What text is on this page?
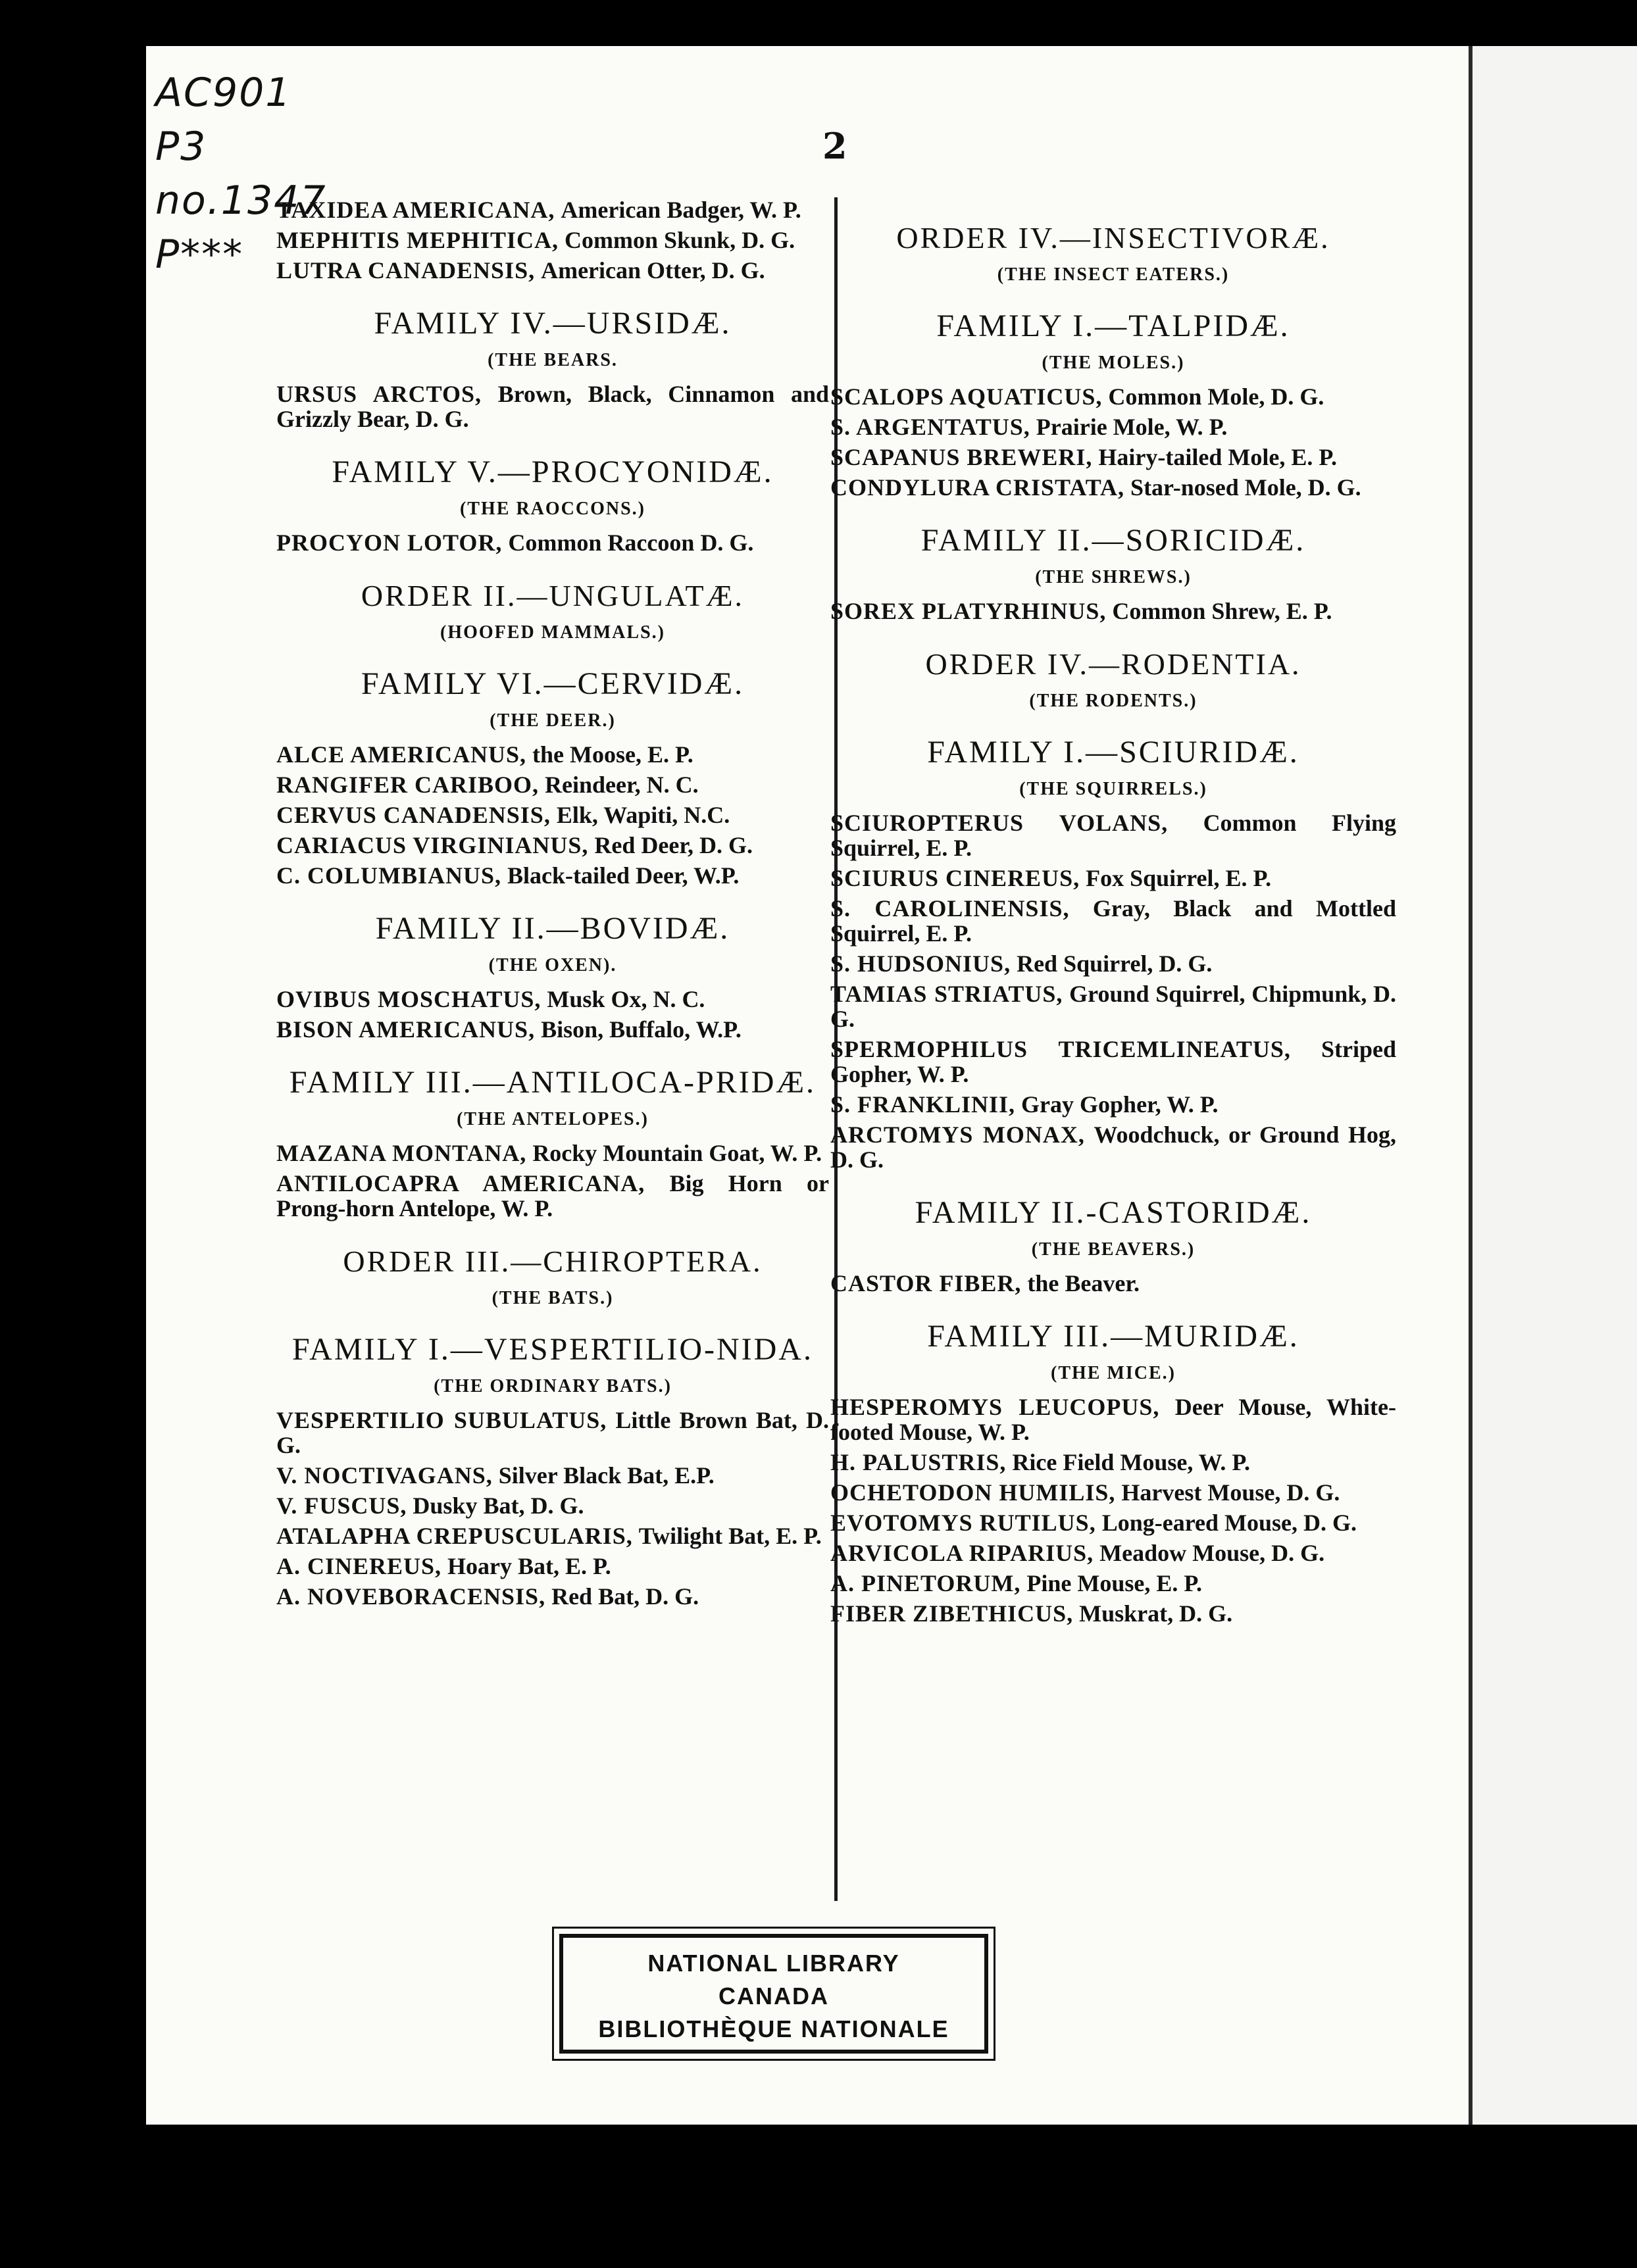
AC901
P3
no.1347
P***
2

TAXIDEA AMERICANA, American Badger, W. P.

MEPHITIS MEPHITICA, Common Skunk, D. G.

LUTRA CANADENSIS, American Otter, D. G.

FAMILY IV.—URSIDÆ.
(THE BEARS.

URSUS ARCTOS, Brown, Black, Cinnamon and Grizzly Bear, D. G.

FAMILY V.—PROCYONIDÆ.
(THE RAOCCONS.)

PROCYON LOTOR, Common Raccoon D. G.

ORDER II.—UNGULATÆ.
(HOOFED MAMMALS.)
FAMILY VI.—CERVIDÆ.
(THE DEER.)

ALCE AMERICANUS, the Moose, E. P.

RANGIFER CARIBOO, Reindeer, N. C.

CERVUS CANADENSIS, Elk, Wapiti, N.C.

CARIACUS VIRGINIANUS, Red Deer, D. G.

C. COLUMBIANUS, Black-tailed Deer, W.P.

FAMILY II.—BOVIDÆ.
(THE OXEN).

OVIBUS MOSCHATUS, Musk Ox, N. C.

BISON AMERICANUS, Bison, Buffalo, W.P.

FAMILY III.—ANTILOCA-PRIDÆ.
(THE ANTELOPES.)

MAZANA MONTANA, Rocky Mountain Goat, W. P.

ANTILOCAPRA AMERICANA, Big Horn or Prong-horn Antelope, W. P.

ORDER III.—CHIROPTERA.
(THE BATS.)
FAMILY I.—VESPERTILIO-NIDA.
(THE ORDINARY BATS.)

VESPERTILIO SUBULATUS, Little Brown Bat, D. G.

V. NOCTIVAGANS, Silver Black Bat, E.P.

V. FUSCUS, Dusky Bat, D. G.

ATALAPHA CREPUSCULARIS, Twilight Bat, E. P.

A. CINEREUS, Hoary Bat, E. P.

A. NOVEBORACENSIS, Red Bat, D. G.

ORDER IV.—INSECTIVORÆ.
(THE INSECT EATERS.)
FAMILY I.—TALPIDÆ.
(THE MOLES.)

SCALOPS AQUATICUS, Common Mole, D. G.

S. ARGENTATUS, Prairie Mole, W. P.

SCAPANUS BREWERI, Hairy-tailed Mole, E. P.

CONDYLURA CRISTATA, Star-nosed Mole, D. G.

FAMILY II.—SORICIDÆ.
(THE SHREWS.)

SOREX PLATYRHINUS, Common Shrew, E. P.

ORDER IV.—RODENTIA.
(THE RODENTS.)
FAMILY I.—SCIURIDÆ.
(THE SQUIRRELS.)

SCIUROPTERUS VOLANS, Common Flying Squirrel, E. P.

SCIURUS CINEREUS, Fox Squirrel, E. P.

S. CAROLINENSIS, Gray, Black and Mottled Squirrel, E. P.

S. HUDSONIUS, Red Squirrel, D. G.

TAMIAS STRIATUS, Ground Squirrel, Chipmunk, D. G.

SPERMOPHILUS TRICEMLINEATUS, Striped Gopher, W. P.

S. FRANKLINII, Gray Gopher, W. P.

ARCTOMYS MONAX, Woodchuck, or Ground Hog, D. G.

FAMILY II.-CASTORIDÆ.
(THE BEAVERS.)

CASTOR FIBER, the Beaver.

FAMILY III.—MURIDÆ.
(THE MICE.)

HESPEROMYS LEUCOPUS, Deer Mouse, White-footed Mouse, W. P.

H. PALUSTRIS, Rice Field Mouse, W. P.

OCHETODON HUMILIS, Harvest Mouse, D. G.

EVOTOMYS RUTILUS, Long-eared Mouse, D. G.

ARVICOLA RIPARIUS, Meadow Mouse, D. G.

A. PINETORUM, Pine Mouse, E. P.

FIBER ZIBETHICUS, Muskrat, D. G.

NATIONAL LIBRARY
CANADA
BIBLIOTHÈQUE NATIONALE
